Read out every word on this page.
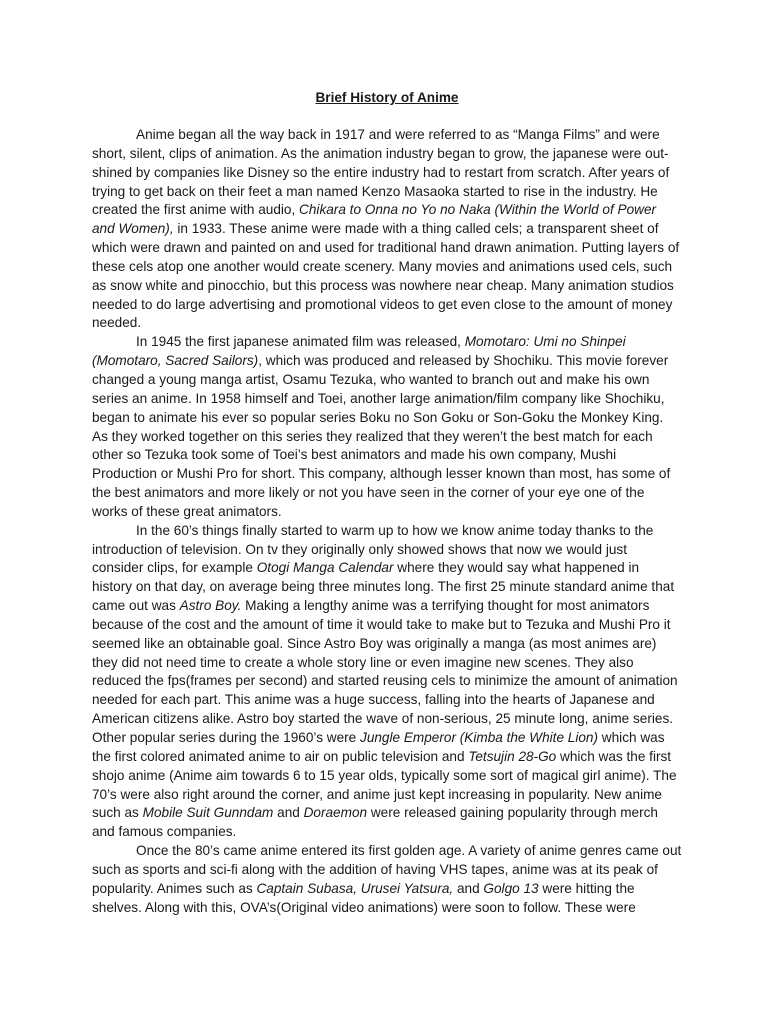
Brief History of Anime

Anime began all the way back in 1917 and were referred to as “Manga Films” and were short, silent, clips of animation. As the animation industry began to grow, the japanese were out-shined by companies like Disney so the entire industry had to restart from scratch. After years of trying to get back on their feet a man named Kenzo Masaoka started to rise in the industry. He created the first anime with audio, Chikara to Onna no Yo no Naka (Within the World of Power and Women), in 1933. These anime were made with a thing called cels; a transparent sheet of which were drawn and painted on and used for traditional hand drawn animation. Putting layers of these cels atop one another would create scenery. Many movies and animations used cels, such as snow white and pinocchio, but this process was nowhere near cheap. Many animation studios needed to do large advertising and promotional videos to get even close to the amount of money needed.

In 1945 the first japanese animated film was released, Momotaro: Umi no Shinpei (Momotaro, Sacred Sailors), which was produced and released by Shochiku. This movie forever changed a young manga artist, Osamu Tezuka, who wanted to branch out and make his own series an anime. In 1958 himself and Toei, another large animation/film company like Shochiku, began to animate his ever so popular series Boku no Son Goku or Son-Goku the Monkey King. As they worked together on this series they realized that they weren’t the best match for each other so Tezuka took some of Toei’s best animators and made his own company, Mushi Production or Mushi Pro for short. This company, although lesser known than most, has some of the best animators and more likely or not you have seen in the corner of your eye one of the works of these great animators.

In the 60’s things finally started to warm up to how we know anime today thanks to the introduction of television. On tv they originally only showed shows that now we would just consider clips, for example Otogi Manga Calendar where they would say what happened in history on that day, on average being three minutes long. The first 25 minute standard anime that came out was Astro Boy. Making a lengthy anime was a terrifying thought for most animators because of the cost and the amount of time it would take to make but to Tezuka and Mushi Pro it seemed like an obtainable goal. Since Astro Boy was originally a manga (as most animes are) they did not need time to create a whole story line or even imagine new scenes. They also reduced the fps(frames per second) and started reusing cels to minimize the amount of animation needed for each part. This anime was a huge success, falling into the hearts of Japanese and American citizens alike. Astro boy started the wave of non-serious, 25 minute long, anime series. Other popular series during the 1960’s were Jungle Emperor (Kimba the White Lion) which was the first colored animated anime to air on public television and Tetsujin 28-Go which was the first shojo anime (Anime aim towards 6 to 15 year olds, typically some sort of magical girl anime). The 70’s were also right around the corner, and anime just kept increasing in popularity. New anime such as Mobile Suit Gunndam and Doraemon were released gaining popularity through merch and famous companies.

Once the 80’s came anime entered its first golden age. A variety of anime genres came out such as sports and sci-fi along with the addition of having VHS tapes, anime was at its peak of popularity. Animes such as Captain Subasa, Urusei Yatsura, and Golgo 13 were hitting the shelves. Along with this, OVA’s(Original video animations) were soon to follow. These were
